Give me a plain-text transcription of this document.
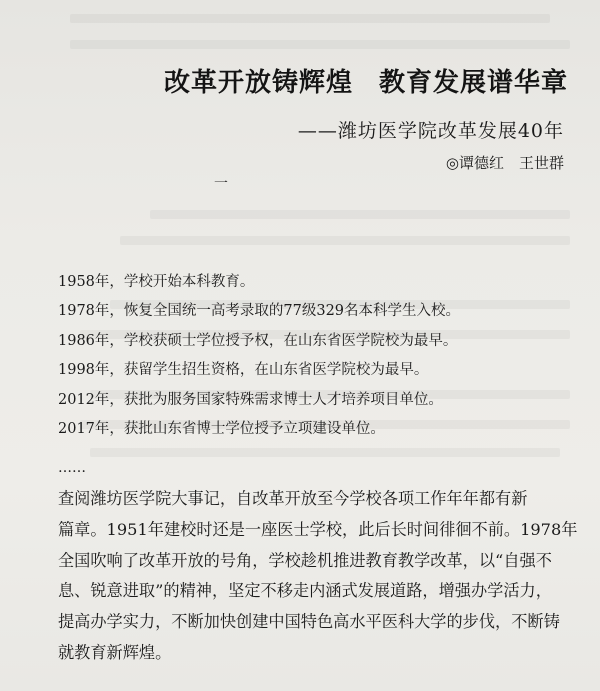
改革开放铸辉煌 教育发展谱华章
——潍坊医学院改革发展40年
◎谭德红　王世群
一
1958年，学校开始本科教育。
1978年，恢复全国统一高考录取的77级329名本科学生入校。
1986年，学校获硕士学位授予权，在山东省医学院校为最早。
1998年，获留学生招生资格，在山东省医学院校为最早。
2012年，获批为服务国家特殊需求博士人才培养项目单位。
2017年，获批山东省博士学位授予立项建设单位。
……
查阅潍坊医学院大事记，自改革开放至今学校各项工作年年都有新
篇章。1951年建校时还是一座医士学校，此后长时间徘徊不前。1978年
全国吹响了改革开放的号角，学校趁机推进教育教学改革，以“自强不
息、锐意进取”的精神，坚定不移走内涵式发展道路，增强办学活力，
提高办学实力，不断加快创建中国特色高水平医科大学的步伐，不断铸
就教育新辉煌。
